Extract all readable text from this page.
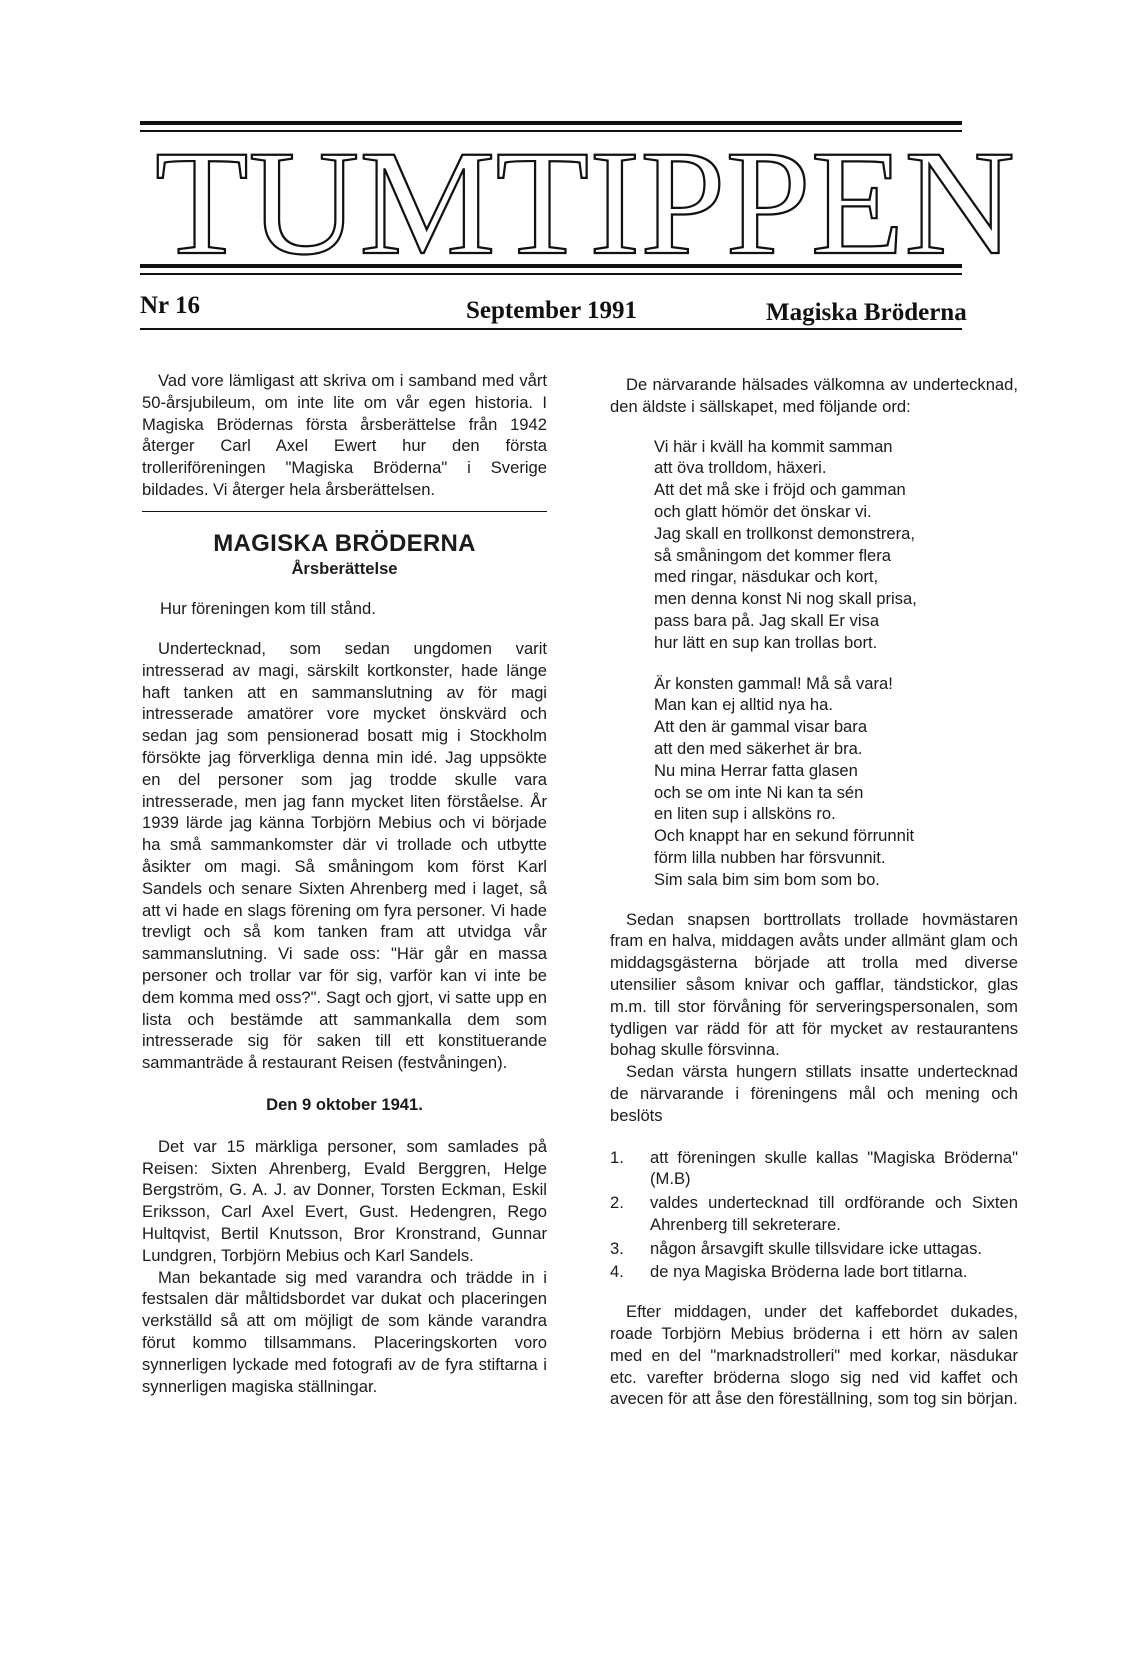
TUMTIPPEN
Nr 16	September 1991	Magiska Bröderna

Vad vore lämligast att skriva om i samband med vårt 50-årsjubileum, om inte lite om vår egen historia. I Magiska Brödernas första årsberättelse från 1942 återger Carl Axel Ewert hur den första trolleriföreningen "Magiska Bröderna" i Sverige bildades. Vi återger hela årsberättelsen.

MAGISKA BRÖDERNA
Årsberättelse

Hur föreningen kom till stånd.

Undertecknad, som sedan ungdomen varit intresserad av magi, särskilt kortkonster, hade länge haft tanken att en sammanslutning av för magi intresserade amatörer vore mycket önskvärd och sedan jag som pensionerad bosatt mig i Stockholm försökte jag förverkliga denna min idé. Jag uppsökte en del personer som jag trodde skulle vara intresserade, men jag fann mycket liten förståelse. År 1939 lärde jag känna Torbjörn Mebius och vi började ha små sammankomster där vi trollade och utbytte åsikter om magi. Så småningom kom först Karl Sandels och senare Sixten Ahrenberg med i laget, så att vi hade en slags förening om fyra personer. Vi hade trevligt och så kom tanken fram att utvidga vår sammanslutning. Vi sade oss: "Här går en massa personer och trollar var för sig, varför kan vi inte be dem komma med oss?". Sagt och gjort, vi satte upp en lista och bestämde att sammankalla dem som intresserade sig för saken till ett konstituerande sammanträde å restaurant Reisen (festvåningen).

Den 9 oktober 1941.

Det var 15 märkliga personer, som samlades på Reisen: Sixten Ahrenberg, Evald Berggren, Helge Bergström, G. A. J. av Donner, Torsten Eckman, Eskil Eriksson, Carl Axel Evert, Gust. Hedengren, Rego Hultqvist, Bertil Knutsson, Bror Kronstrand, Gunnar Lundgren, Torbjörn Mebius och Karl Sandels.

Man bekantade sig med varandra och trädde in i festsalen där måltidsbordet var dukat och placeringen verkställd så att om möjligt de som kände varandra förut kommo tillsammans. Placeringskorten voro synnerligen lyckade med fotografi av de fyra stiftarna i synnerligen magiska ställningar.

De närvarande hälsades välkomna av undertecknad, den äldste i sällskapet, med följande ord:

Vi här i kväll ha kommit samman
att öva trolldom, häxeri.
Att det må ske i fröjd och gamman
och glatt hömör det önskar vi.
Jag skall en trollkonst demonstrera,
så småningom det kommer flera
med ringar, näsdukar och kort,
men denna konst Ni nog skall prisa,
pass bara på. Jag skall Er visa
hur lätt en sup kan trollas bort.
Är konsten gammal! Må så vara!
Man kan ej alltid nya ha.
Att den är gammal visar bara
att den med säkerhet är bra.
Nu mina Herrar fatta glasen
och se om inte Ni kan ta sén
en liten sup i allsköns ro.
Och knappt har en sekund förrunnit
förm lilla nubben har försvunnit.
Sim sala bim sim bom som bo.

Sedan snapsen borttrollats trollade hovmästaren fram en halva, middagen avåts under allmänt glam och middagsgästerna började att trolla med diverse utensilier såsom knivar och gafflar, tändstickor, glas m.m. till stor förvåning för serveringspersonalen, som tydligen var rädd för att för mycket av restaurantens bohag skulle försvinna.

Sedan värsta hungern stillats insatte undertecknad de närvarande i föreningens mål och mening och beslöts

1.	att föreningen skulle kallas "Magiska Bröderna" (M.B)
2.	valdes undertecknad till ordförande och Sixten Ahrenberg till sekreterare.
3.	någon årsavgift skulle tillsvidare icke uttagas.
4.	de nya Magiska Bröderna lade bort titlarna.

Efter middagen, under det kaffebordet dukades, roade Torbjörn Mebius bröderna i ett hörn av salen med en del "marknadstrolleri" med korkar, näsdukar etc. varefter bröderna slogo sig ned vid kaffet och avecen för att åse den föreställning, som tog sin början.
